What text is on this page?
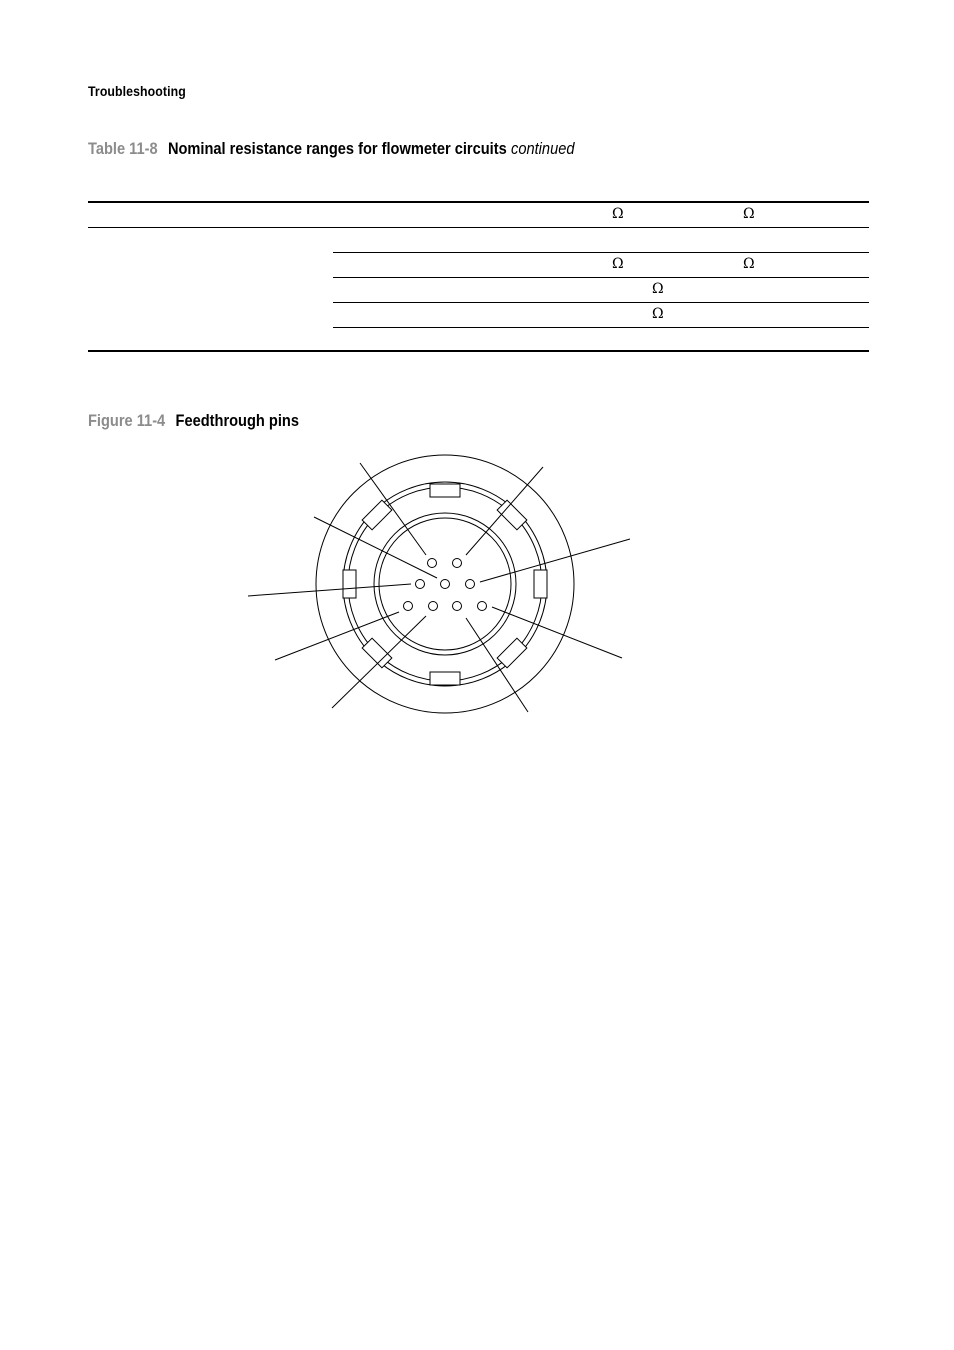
Troubleshooting
Table 11-8 Nominal resistance ranges for flowmeter circuits continued
Ω	Ω
Ω	Ω
Ω
Ω
Figure 11-4 Feedthrough pins
